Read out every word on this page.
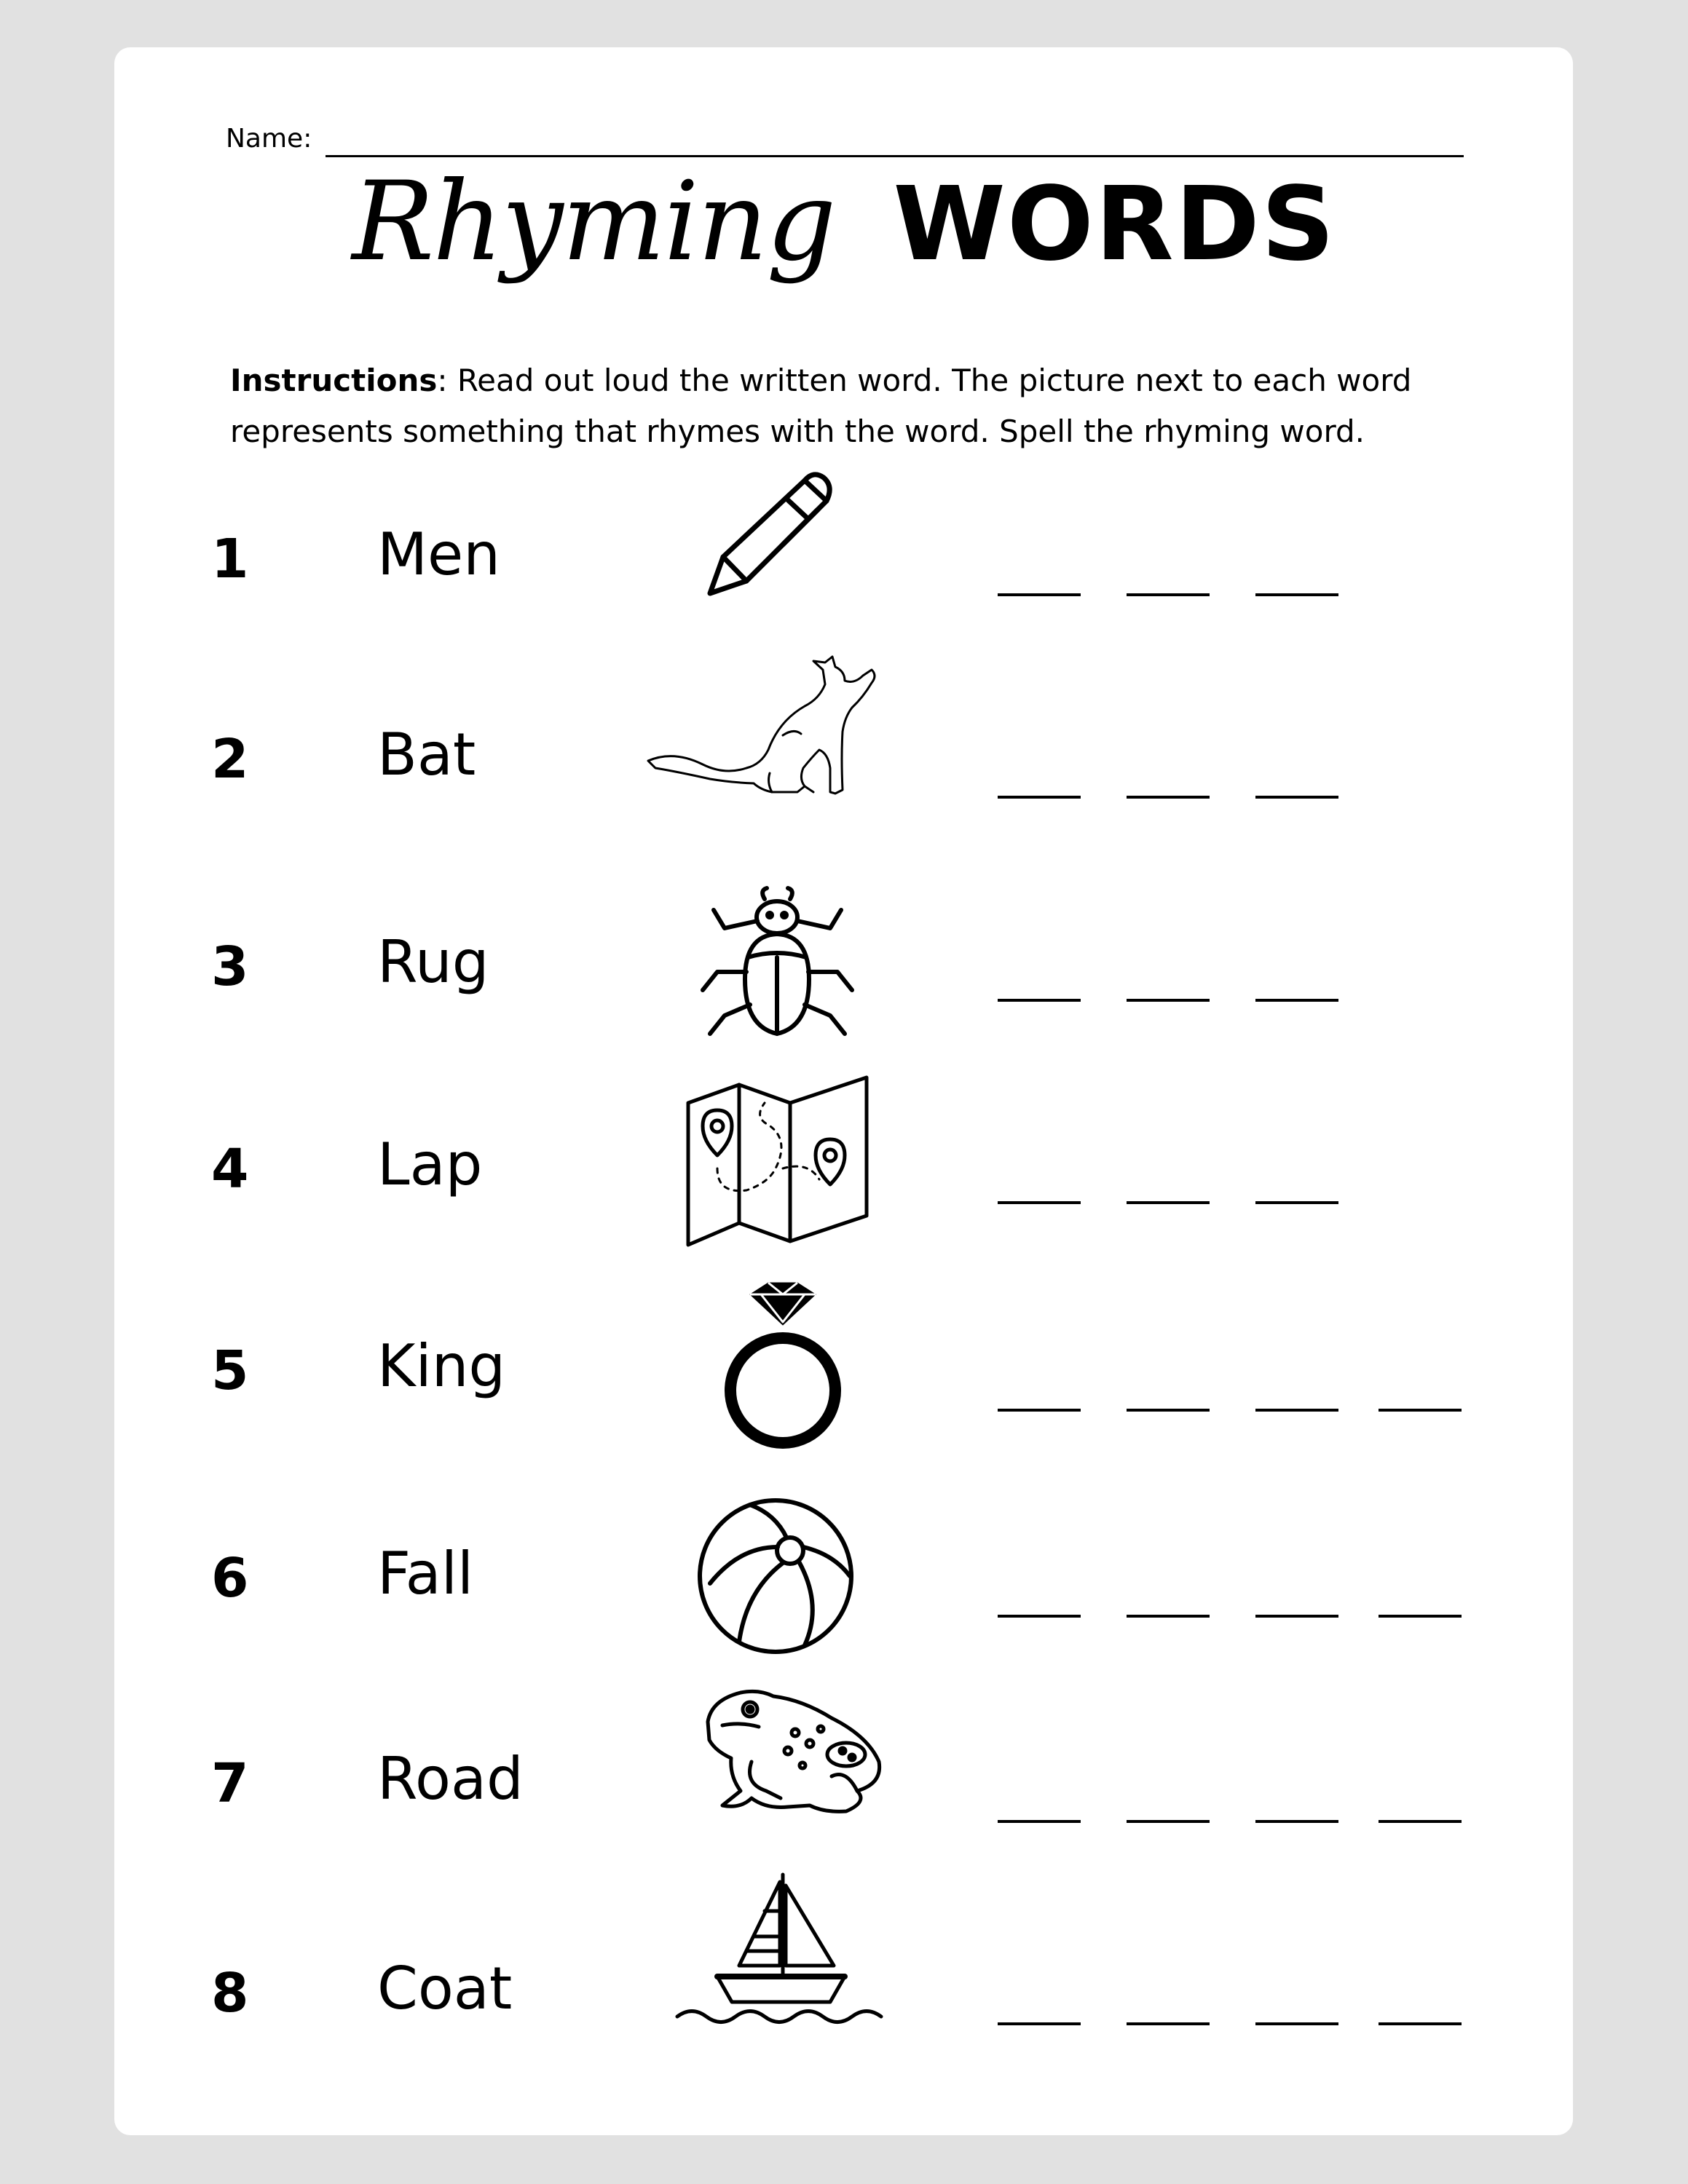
Name:
Rhyming WORDS
Instructions: Read out loud the written word. The picture next to each word represents something that rhymes with the word. Spell the rhyming word.
1 Men
2 Bat
3 Rug
4 Lap
5 King
6 Fall
7 Road
8 Coat
